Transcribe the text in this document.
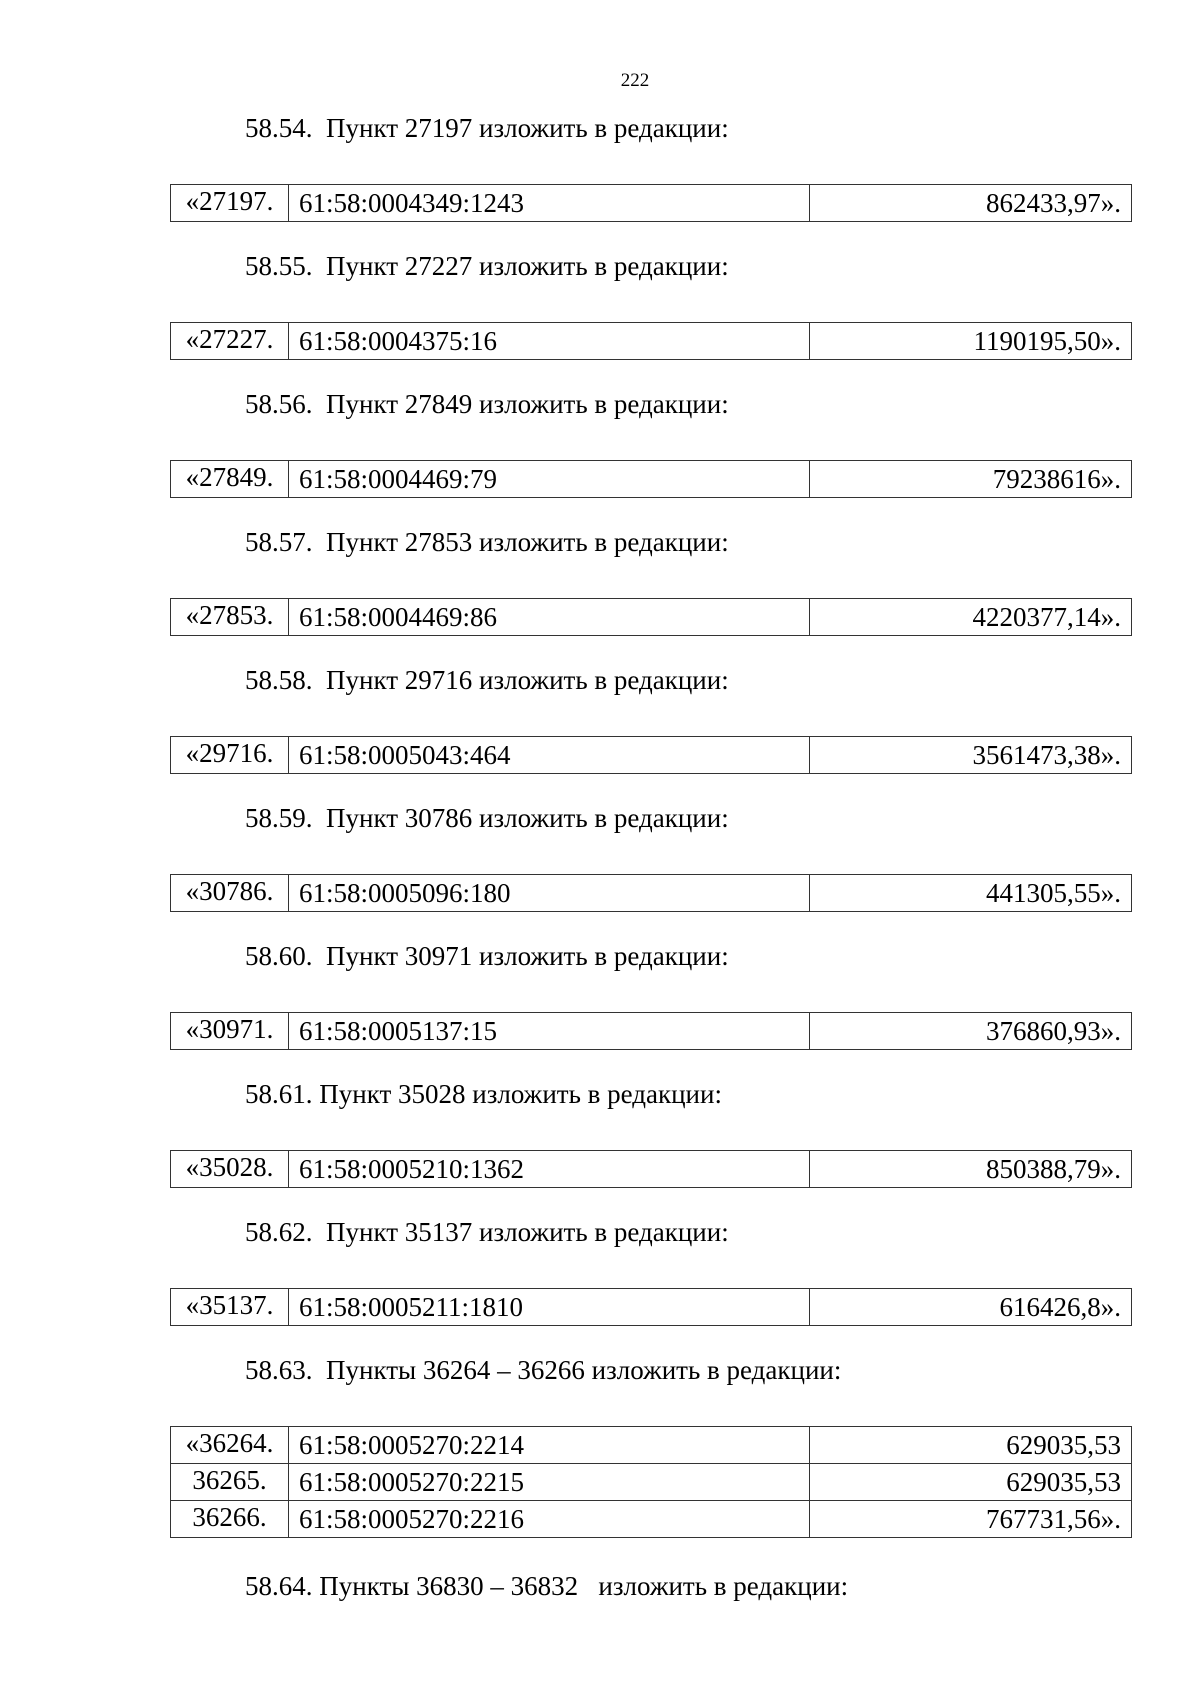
222
58.54.  Пункт 27197 изложить в редакции:
«27197.	61:58:0004349:1243	862433,97».
58.55.  Пункт 27227 изложить в редакции:
«27227.	61:58:0004375:16	1190195,50».
58.56.  Пункт 27849 изложить в редакции:
«27849.	61:58:0004469:79	79238616».
58.57.  Пункт 27853 изложить в редакции:
«27853.	61:58:0004469:86	4220377,14».
58.58.  Пункт 29716 изложить в редакции:
«29716.	61:58:0005043:464	3561473,38».
58.59.  Пункт 30786 изложить в редакции:
«30786.	61:58:0005096:180	441305,55».
58.60.  Пункт 30971 изложить в редакции:
«30971.	61:58:0005137:15	376860,93».
58.61. Пункт 35028 изложить в редакции:
«35028.	61:58:0005210:1362	850388,79».
58.62.  Пункт 35137 изложить в редакции:
«35137.	61:58:0005211:1810	616426,8».
58.63.  Пункты 36264 – 36266 изложить в редакции:
«36264.	61:58:0005270:2214	629035,53
36265.	61:58:0005270:2215	629035,53
36266.	61:58:0005270:2216	767731,56».
58.64. Пункты 36830 – 36832   изложить в редакции:
